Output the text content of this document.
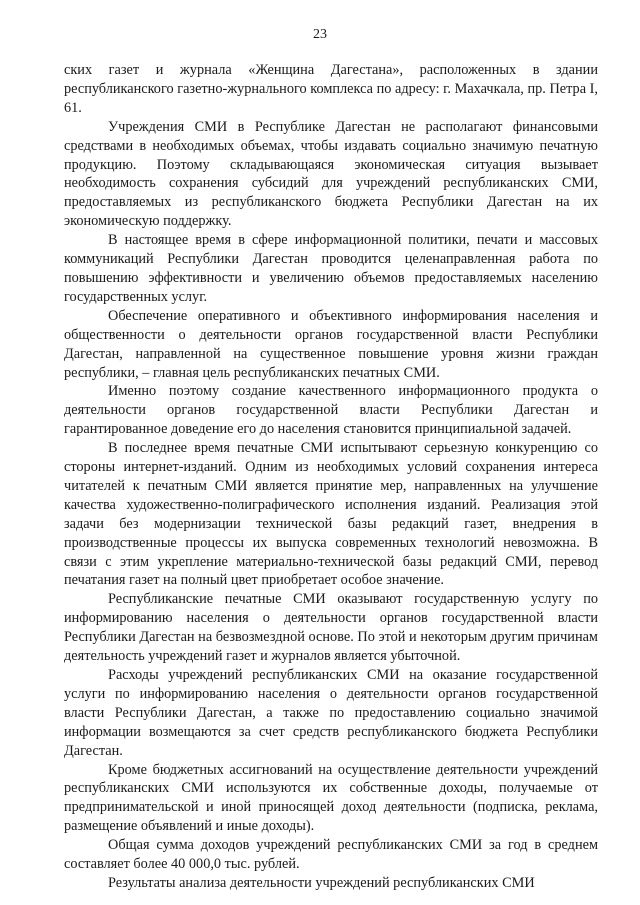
23

ских газет и журнала «Женщина Дагестана», расположенных в здании республиканского газетно-журнального комплекса по адресу: г. Махачкала, пр. Петра I, 61.

Учреждения СМИ в Республике Дагестан не располагают финансовыми средствами в необходимых объемах, чтобы издавать социально значимую печатную продукцию. Поэтому складывающаяся экономическая ситуация вызывает необходимость сохранения субсидий для учреждений республиканских СМИ, предоставляемых из республиканского бюджета Республики Дагестан на их экономическую поддержку.

В настоящее время в сфере информационной политики, печати и массовых коммуникаций Республики Дагестан проводится целенаправленная работа по повышению эффективности и увеличению объемов предоставляемых населению государственных услуг.

Обеспечение оперативного и объективного информирования населения и общественности о деятельности органов государственной власти Республики Дагестан, направленной на существенное повышение уровня жизни граждан республики, – главная цель республиканских печатных СМИ.

Именно поэтому создание качественного информационного продукта о деятельности органов государственной власти Республики Дагестан и гарантированное доведение его до населения становится принципиальной задачей.

В последнее время печатные СМИ испытывают серьезную конкуренцию со стороны интернет-изданий. Одним из необходимых условий сохранения интереса читателей к печатным СМИ является принятие мер, направленных на улучшение качества художественно-полиграфического исполнения изданий. Реализация этой задачи без модернизации технической базы редакций газет, внедрения в производственные процессы их выпуска современных технологий невозможна. В связи с этим укрепление материально-технической базы редакций СМИ, перевод печатания газет на полный цвет приобретает особое значение.

Республиканские печатные СМИ оказывают государственную услугу по информированию населения о деятельности органов государственной власти Республики Дагестан на безвозмездной основе. По этой и некоторым другим причинам деятельность учреждений газет и журналов является убыточной.

Расходы учреждений республиканских СМИ на оказание государственной услуги по информированию населения о деятельности органов государственной власти Республики Дагестан, а также по предоставлению социально значимой информации возмещаются за счет средств республиканского бюджета Республики Дагестан.

Кроме бюджетных ассигнований на осуществление деятельности учреждений республиканских СМИ используются их собственные доходы, получаемые от предпринимательской и иной приносящей доход деятельности (подписка, реклама, размещение объявлений и иные доходы).

Общая сумма доходов учреждений республиканских СМИ за год в среднем составляет более 40 000,0 тыс. рублей.

Результаты анализа деятельности учреждений республиканских СМИ
